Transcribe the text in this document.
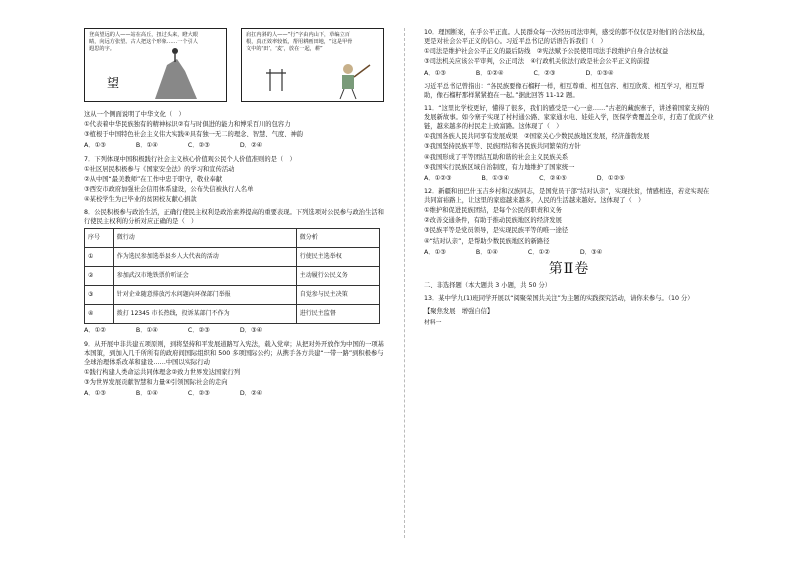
登高望远的人——站在高丘，扭过头来，瞪大眼睛，向远方张望。古人把这个形象……一个引人遐思的字。
望
肩扛内斜的人——“行”字由内山下，草编立百根，真正效率较低，帮用耕画田地，“这是甲骨文中的‘田’，‘麦’，放在一起，耕”

这从一个侧面说明了中华文化（　）

①代表着中华民族独有的精神标识②有与时俱进的能力和博采百川的包容力

③植根于中国特色社会主义伟大实践④具有独一无二的理念、智慧、气度、神韵

A．①③	B．①④	C．②③	D．②④

7．下列体现中国积极践行社会主义核心价值观公民个人价值准则的是（　）

①社区居民积极参与《国家安全法》的学习和宣传活动

②从中国“最美教师”在工作中忠于职守，敬业奉献

③西安市政府加强社会信用体系建设，公布失信被执行人名单

④某校学生为已毕业的贫困校友献心捐款

8．公民积极参与政治生活，正确行使民主权利是政治素养提高的重要表现。下列选项对公民参与政治生活和行使民主权利的分析对应正确的是（　）

序号	微行动	微分析
①	作为选民参加选举县乡人大代表的活动	行使民主选举权
②	参加武汉市地铁票价听证会	主动履行公民义务
③	针对企业随意排放污水问题向环保部门举报	自觉参与民主决策
④	拨打 12345 市长热线，投诉某部门不作为	进行民主监督
A．①②	B．①④	C．②③	D．③④

9．从开展中非共建五项原则，到将坚持和平发展道路写入宪法，载入党章；从把对外开放作为中国的一项基本国策，到加入几千所所有的政府间国际组织和 500 多项国际公约；从携手各方共建“一带一路”到积极参与全球治理体系改革和建设……中国以实际行动

①践行构建人类命运共同体理念②致力世界发达国家行列

③为世界发展贡献智慧和力量④引领国际社会的走向

A．①③	B．①④	C．②③	D．②④

10．理国断案，在乎公平正直。人民群众每一次经历司法审判，感受的都不仅仅是对他们的合法权益，更是对社会公平正义的信心。习近平总书记的话语告诉我们（　）

①司法是维护社会公平正义的最后防线　②宪法赋予公民使用司法手段维护自身合法权益

③司法机关应该公平审判，公正司法　④行政机关依法行政是社会公平正义的前提

A．①③	B．①②④	C．②③	D．①③④

习近平总书记曾指出：“各民族要像石榴籽一样，相互尊重、相互包容、相互欣赏、相互学习，相互帮助，像石榴籽那样紧紧抱在一起。”据此回答 11-12 题。

11．“这里比学校更好，懂得了很多，我们的感受是一心一意……”古老的藏族寨子，讲述着国家支持的发展新故事。如今寨子实现了村村通公路、家家通水电、娃娃入学，医保学费覆盖全市，打造了优质产业链，越来越多的村民走上致富路。这体现了（　）

①我国各族人民共同享有发展成果　②国家关心少数民族地区发展，经济蓬勃发展

③我国坚持民族平等、民族团结和各民族共同繁荣的方针

④我国形成了平等团结互助和谐的社会主义民族关系

⑤我国实行民族区域自治制度，有力地维护了国家统一

A．①②③	B．①③④	C．②④⑤	D．①②⑤

12．新疆和田巴什玉吉乡村和汉族同志，是国党员干部“结对认亲”，实现扶贫，情感相连，若竞实现在共同富裕路上，让这里的家庭越来越多，人民的生活越来越好。这体现了（　）

①维护和促进民族团结，是每个公民的职责和义务

②改善交通条件，有助于推动民族地区的经济发展

③民族平等是党员领导，是实现民族平等的唯一途径

④“结对认亲”，是帮助少数民族地区的新路径

A．①③	B．①④	C．①②	D．③④
第Ⅱ卷

二、非选择题（本大题共 3 小题，共 50 分）

13．某中学九(1)班同学开展以“阅聚荣国共关注”为主题的实践探究活动，请你来参与。（10 分）

【聚焦发展　增强自信】

材料一
